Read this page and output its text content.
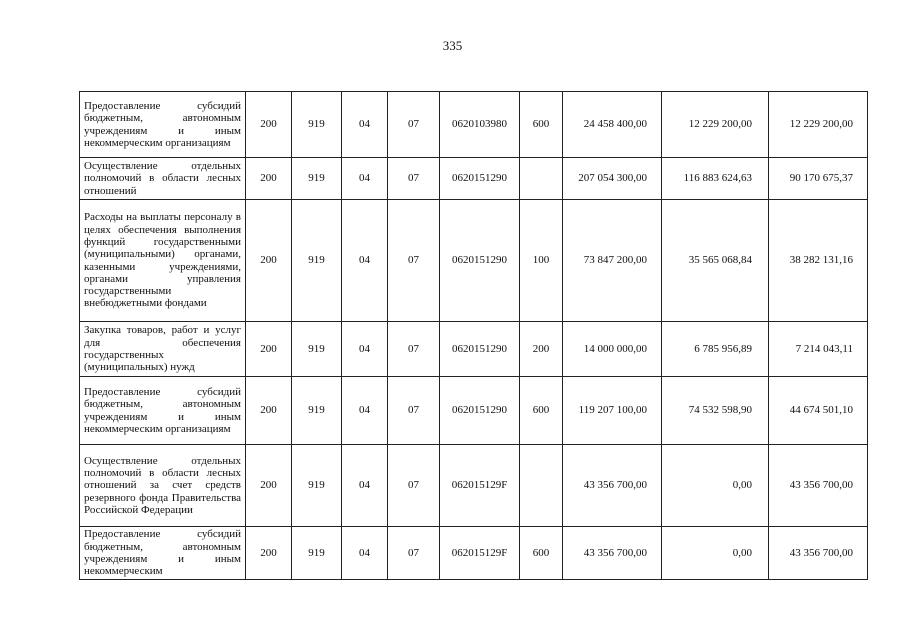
335
Предоставление субсидий бюджетным, автономным учреждениям и иным некоммерческим организациям	200	919	04	07	0620103980	600	24 458 400,00	12 229 200,00	12 229 200,00
Осуществление отдельных полномочий в области лесных отношений	200	919	04	07	0620151290		207 054 300,00	116 883 624,63	90 170 675,37
Расходы на выплаты персоналу в целях обеспечения выполнения функций государственными (муниципальными) органами, казенными учреждениями, органами управления государственными внебюджетными фондами	200	919	04	07	0620151290	100	73 847 200,00	35 565 068,84	38 282 131,16
Закупка товаров, работ и услуг для обеспечения государственных (муниципальных) нужд	200	919	04	07	0620151290	200	14 000 000,00	6 785 956,89	7 214 043,11
Предоставление субсидий бюджетным, автономным учреждениям и иным некоммерческим организациям	200	919	04	07	0620151290	600	119 207 100,00	74 532 598,90	44 674 501,10
Осуществление отдельных полномочий в области лесных отношений за счет средств резервного фонда Правительства Российской Федерации	200	919	04	07	062015129F		43 356 700,00	0,00	43 356 700,00
Предоставление субсидий бюджетным, автономным учреждениям и иным некоммерческим	200	919	04	07	062015129F	600	43 356 700,00	0,00	43 356 700,00
